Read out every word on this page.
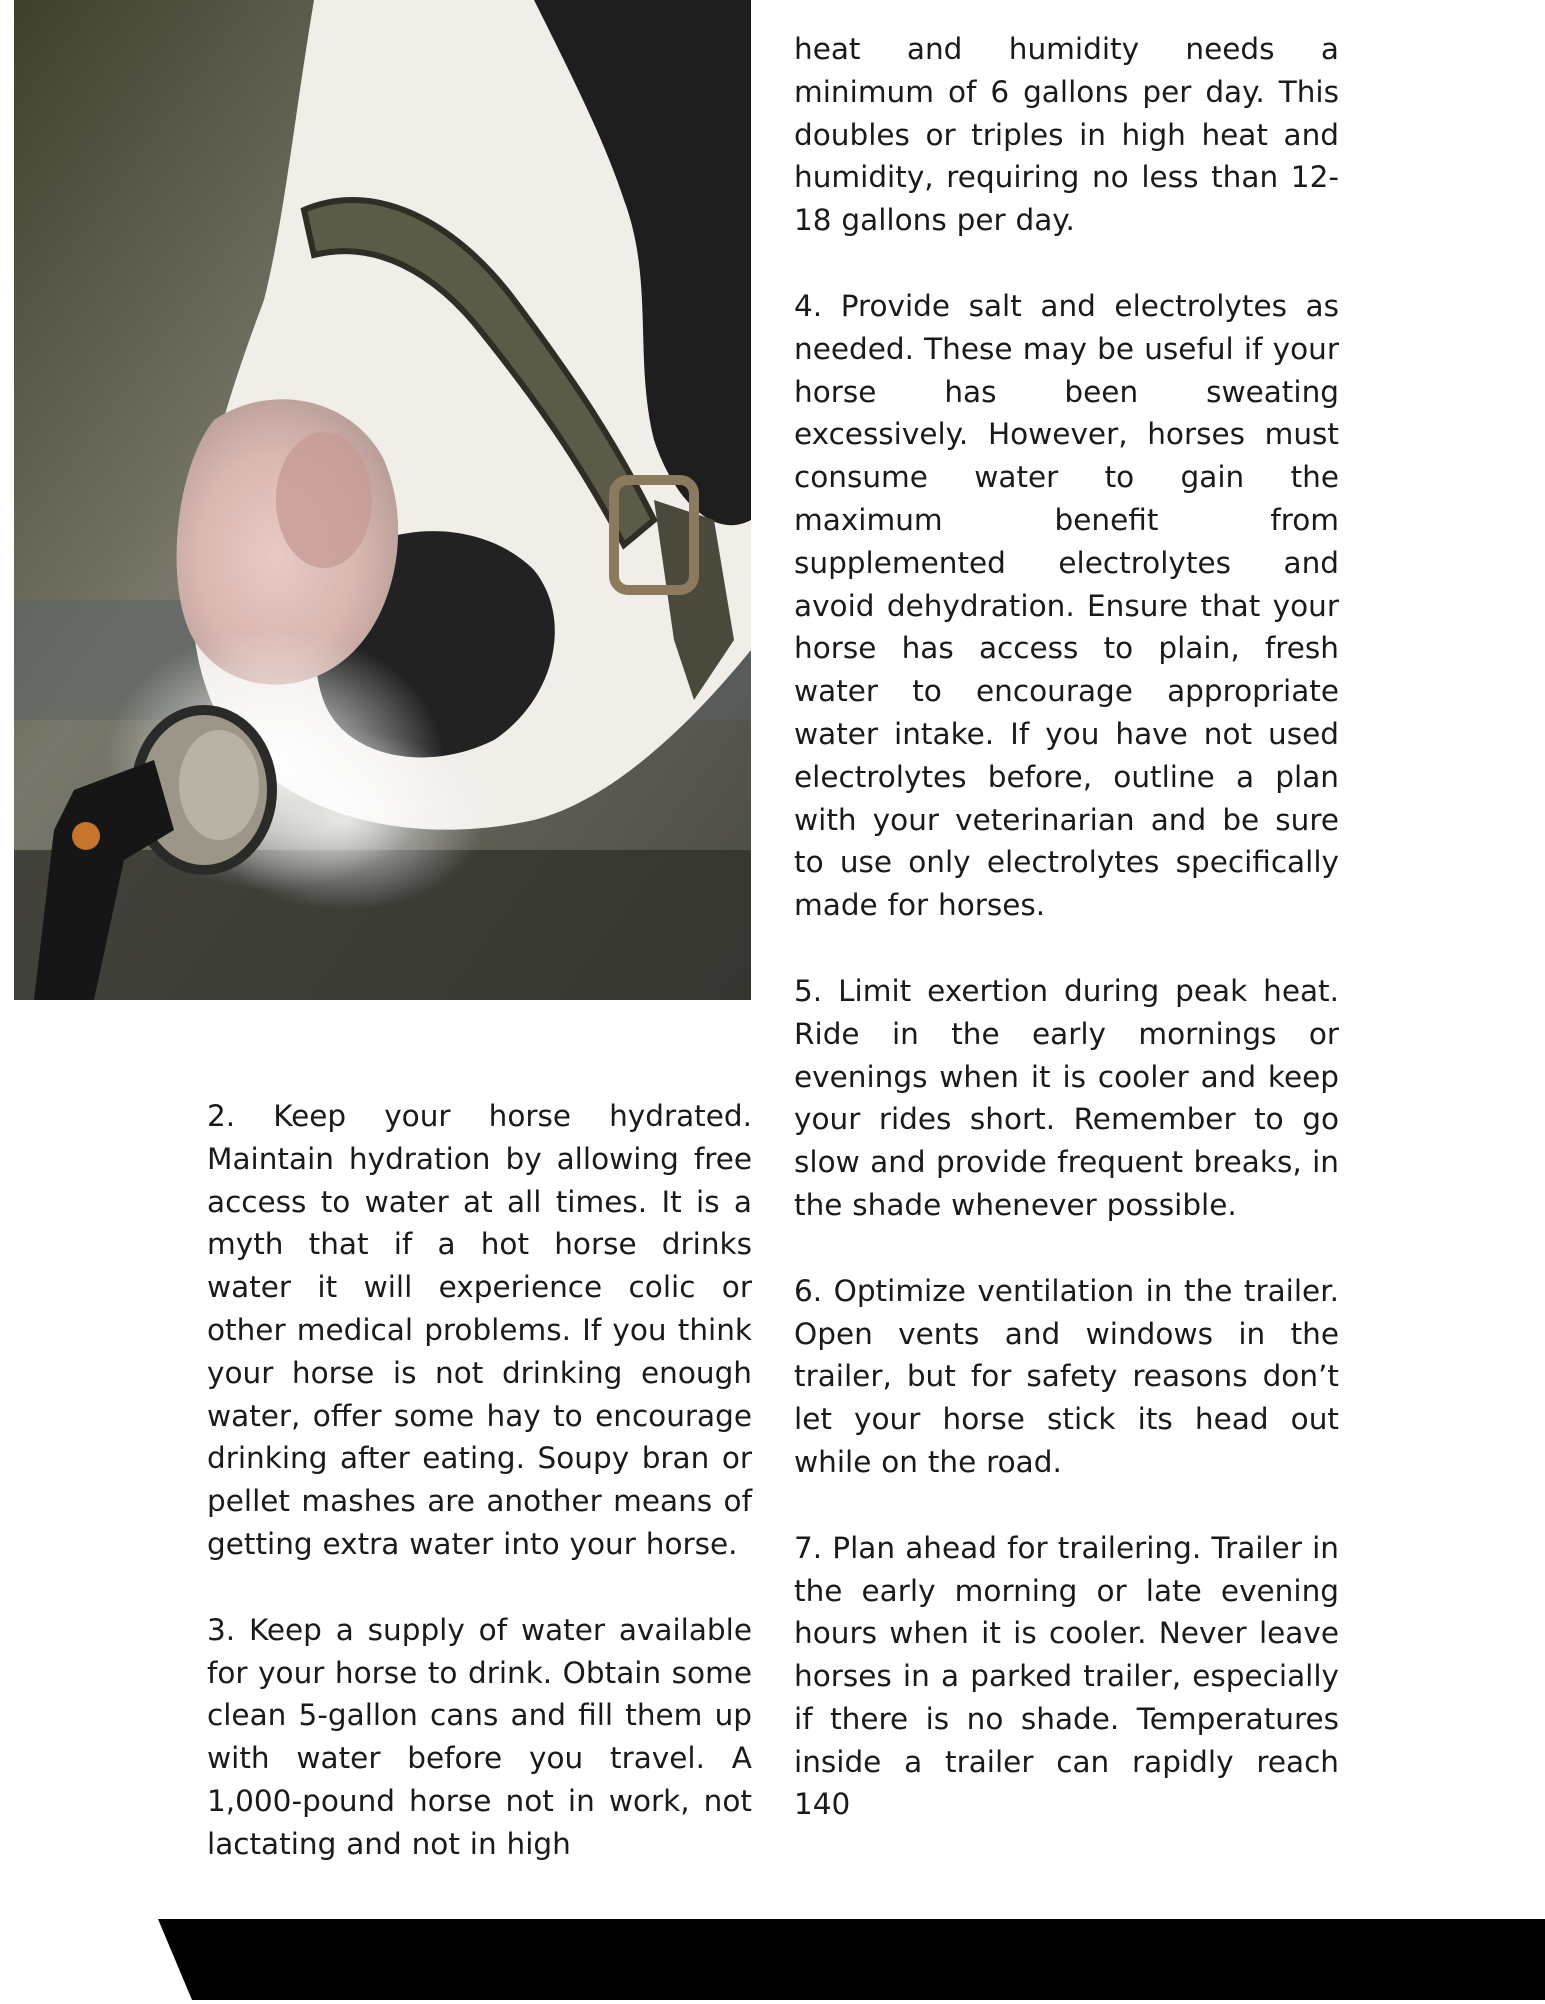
2. Keep your horse hydrated. Maintain hydration by allowing free access to water at all times. It is a myth that if a hot horse drinks water it will experience colic or other medical problems. If you think your horse is not drinking enough water, offer some hay to encourage drinking after eating. Soupy bran or pellet mashes are another means of getting extra water into your horse.

3. Keep a supply of water available for your horse to drink. Obtain some clean 5-gallon cans and fill them up with water before you travel. A 1,000-pound horse not in work, not lactating and not in high

heat and humidity needs a minimum of 6 gallons per day. This doubles or triples in high heat and humidity, requiring no less than 12-18 gallons per day.

4. Provide salt and electrolytes as needed. These may be useful if your horse has been sweating excessively. However, horses must consume water to gain the maximum benefit from supplemented electrolytes and avoid dehydration. Ensure that your horse has access to plain, fresh water to encourage appropriate water intake. If you have not used electrolytes before, outline a plan with your veterinarian and be sure to use only electrolytes specifically made for horses.

5. Limit exertion during peak heat. Ride in the early mornings or evenings when it is cooler and keep your rides short. Remember to go slow and provide frequent breaks, in the shade whenever possible.

6. Optimize ventilation in the trailer. Open vents and windows in the trailer, but for safety reasons don’t let your horse stick its head out while on the road.

7. Plan ahead for trailering. Trailer in the early morning or late evening hours when it is cooler. Never leave horses in a parked trailer, especially if there is no shade. Temperatures inside a trailer can rapidly reach 140
